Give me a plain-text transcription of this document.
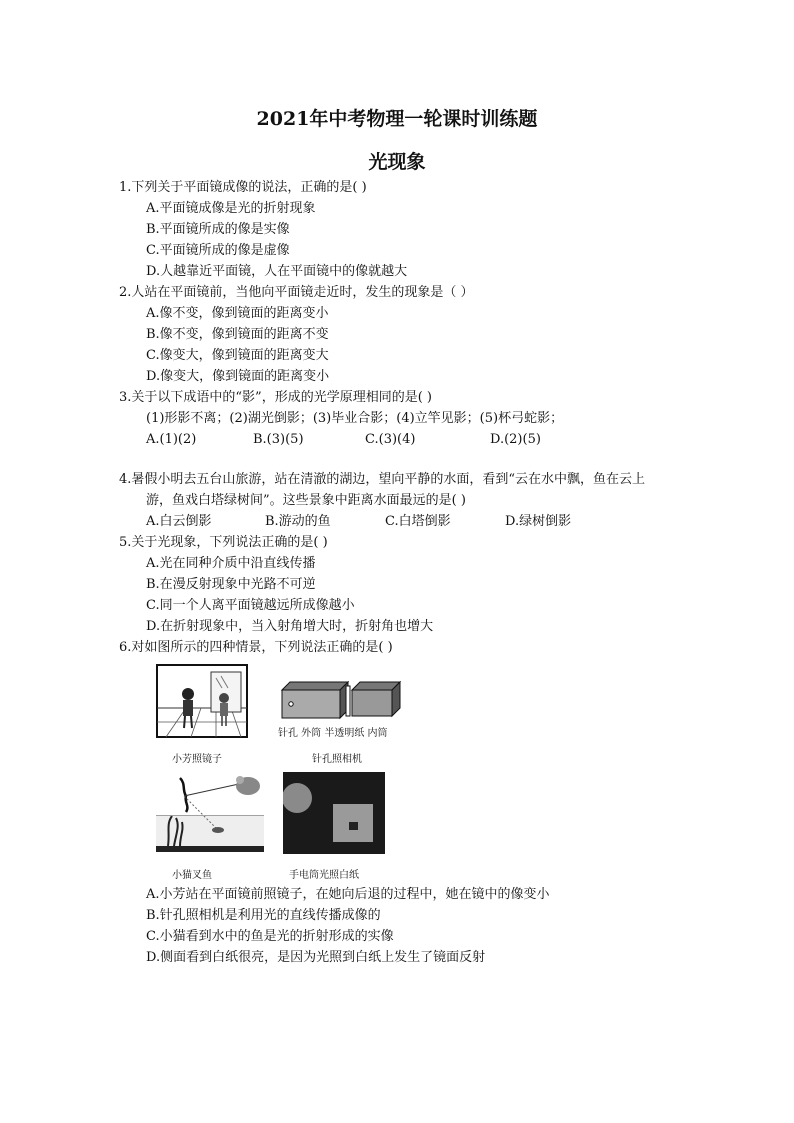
2021年中考物理一轮课时训练题
光现象
1.下列关于平面镜成像的说法，正确的是( )
A.平面镜成像是光的折射现象
B.平面镜所成的像是实像
C.平面镜所成的像是虚像
D.人越靠近平面镜，人在平面镜中的像就越大
2.人站在平面镜前，当他向平面镜走近时，发生的现象是（ ）
A.像不变，像到镜面的距离变小
B.像不变，像到镜面的距离不变
C.像变大，像到镜面的距离变大
D.像变大，像到镜面的距离变小
3.关于以下成语中的“影”，形成的光学原理相同的是( )
(1)形影不离；(2)湖光倒影；(3)毕业合影；(4)立竿见影；(5)杯弓蛇影；
A.(1)(2)	B.(3)(5)	C.(3)(4)	D.(2)(5)
4.暑假小明去五台山旅游，站在清澈的湖边，望向平静的水面，看到“云在水中飘，鱼在云上
游，鱼戏白塔绿树间”。这些景象中距离水面最远的是( )
A.白云倒影	B.游动的鱼	C.白塔倒影	D.绿树倒影
5.关于光现象，下列说法正确的是( )
A.光在同种介质中沿直线传播
B.在漫反射现象中光路不可逆
C.同一个人离平面镜越远所成像越小
D.在折射现象中，当入射角增大时，折射角也增大
6.对如图所示的四种情景，下列说法正确的是( )
小芳照镜子
针孔 外筒 半透明纸 内筒
针孔照相机
小猫叉鱼	手电筒光照白纸
A.小芳站在平面镜前照镜子，在她向后退的过程中，她在镜中的像变小
B.针孔照相机是利用光的直线传播成像的
C.小猫看到水中的鱼是光的折射形成的实像
D.侧面看到白纸很亮，是因为光照到白纸上发生了镜面反射
